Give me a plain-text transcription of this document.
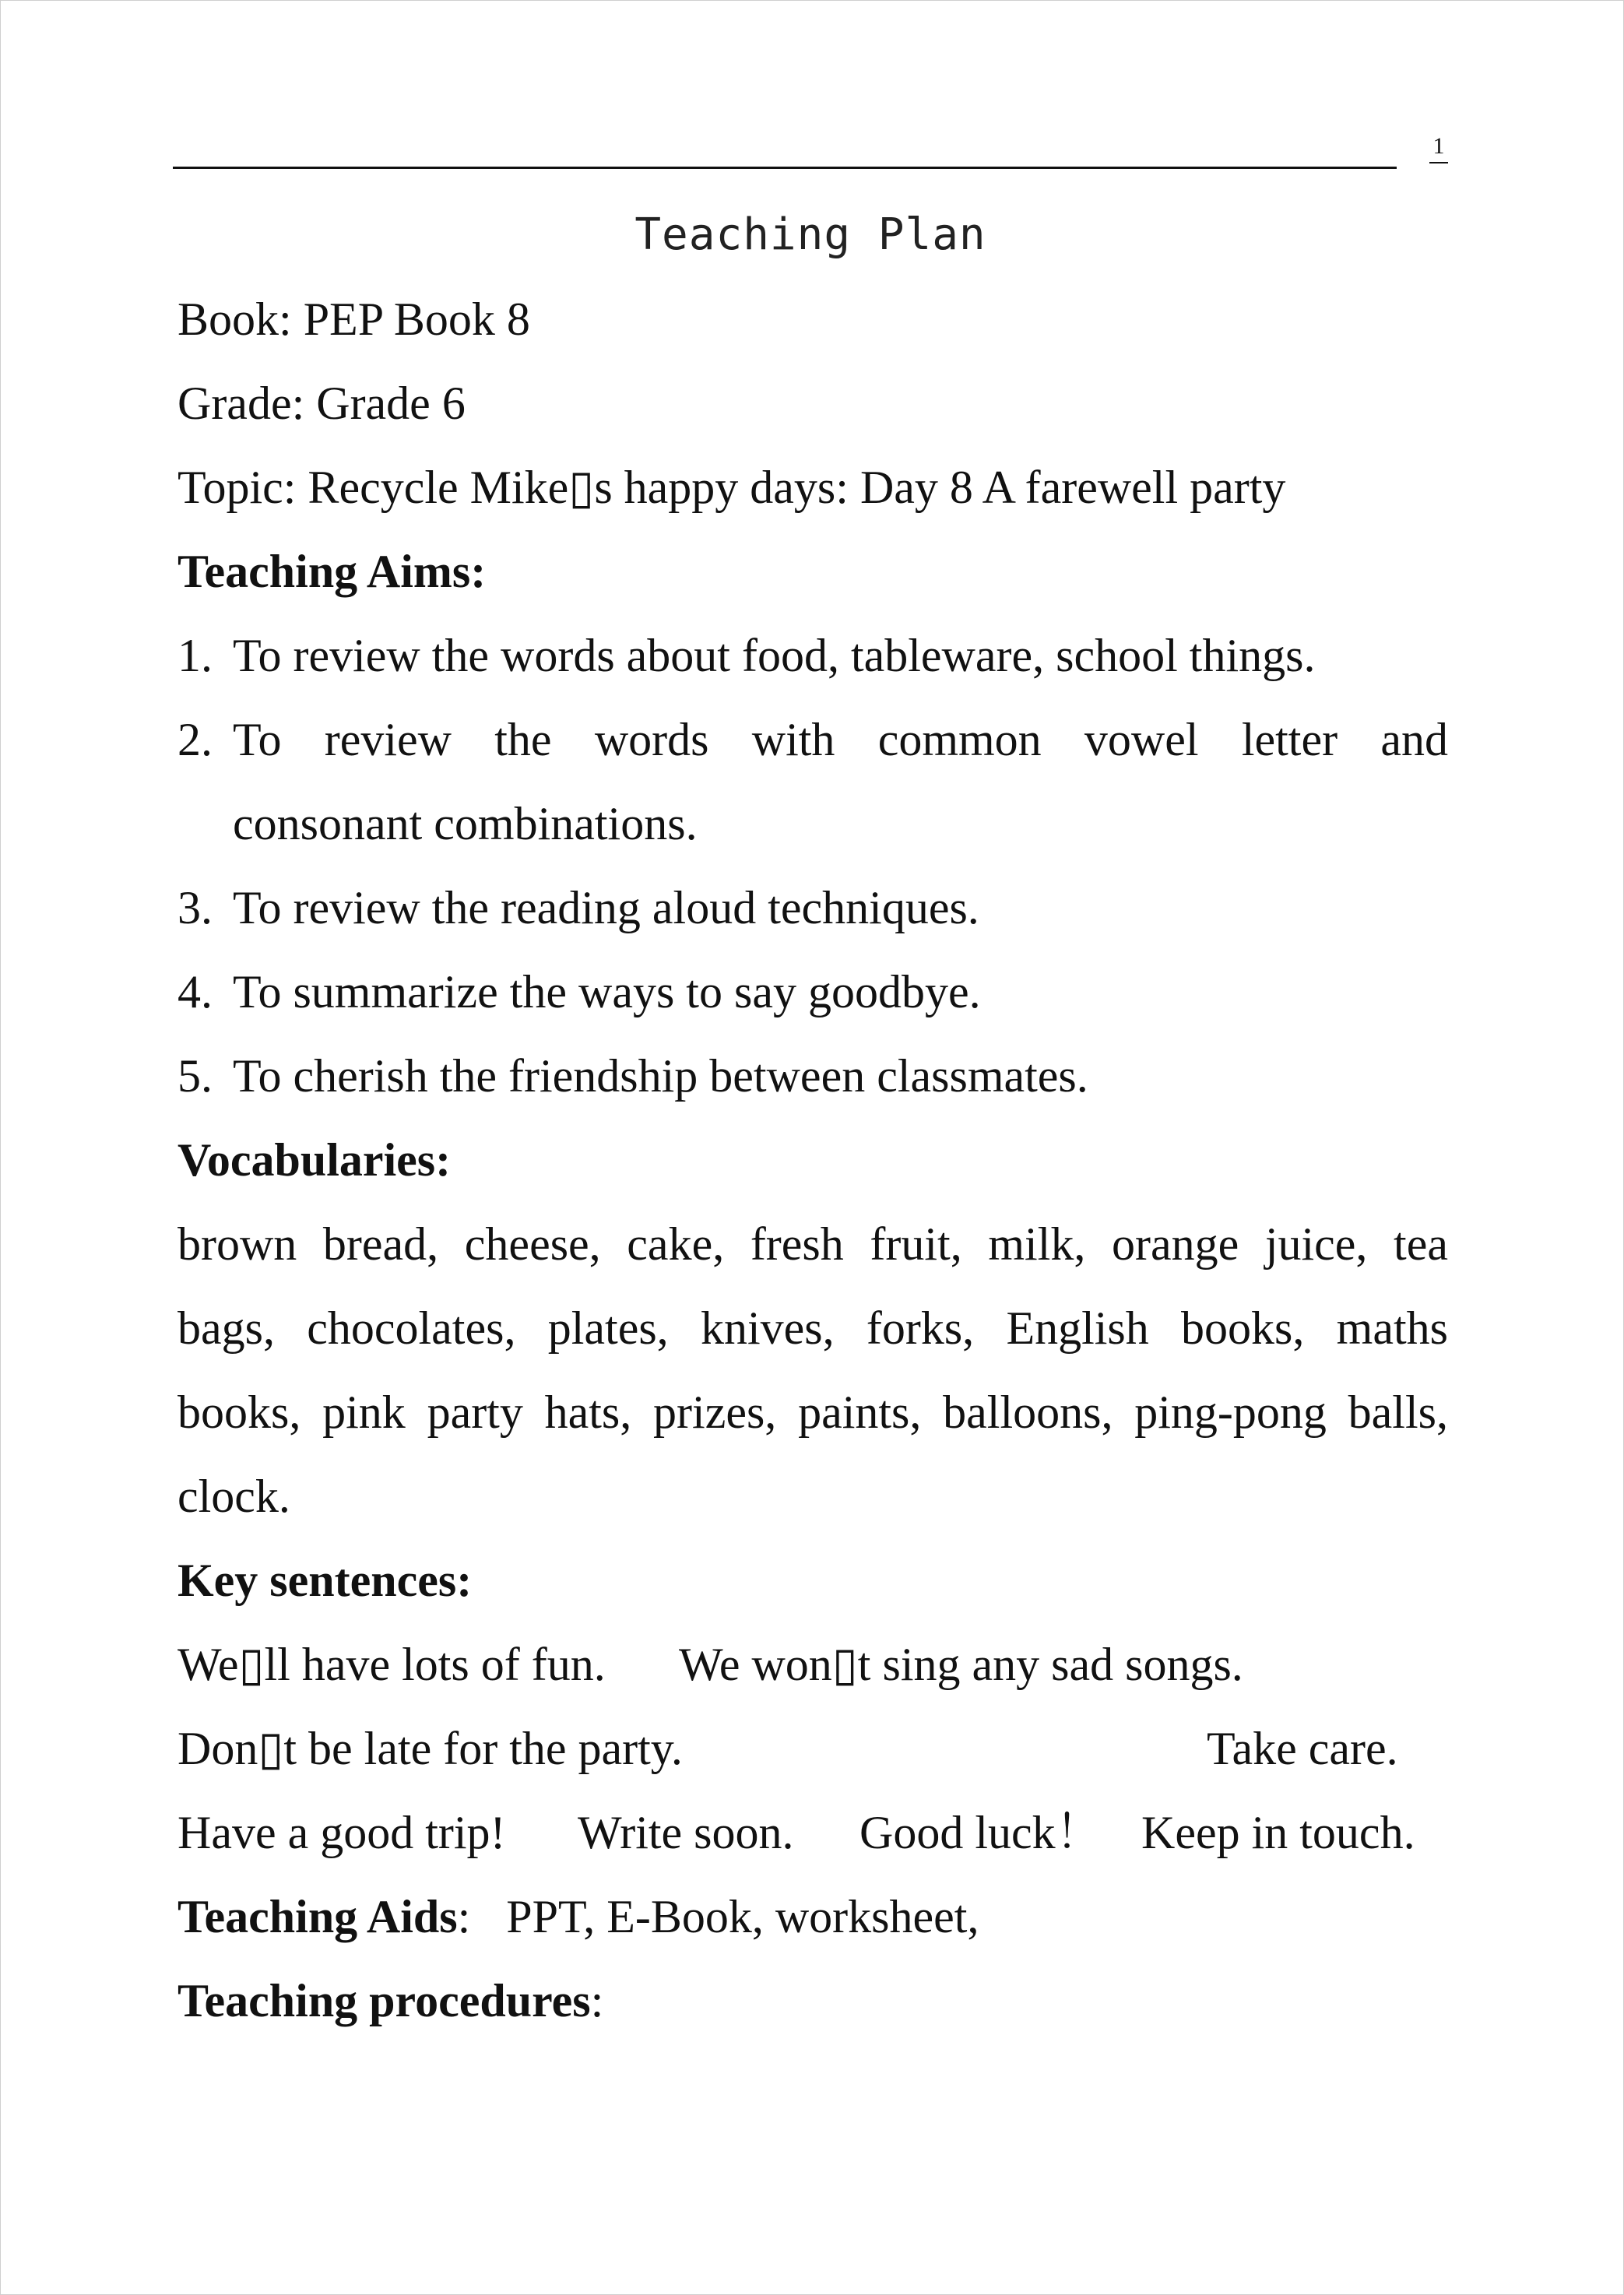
1
Teaching Plan
Book: PEP Book 8
Grade: Grade 6
Topic: Recycle Mike▯s happy days: Day 8 A farewell party
Teaching Aims:
1. To review the words about food, tableware, school things.
2. To review the words with common vowel letter and
consonant combinations.
3. To review the reading aloud techniques.
4. To summarize the ways to say goodbye.
5. To cherish the friendship between classmates.
Vocabularies:
brown bread, cheese, cake, fresh fruit, milk, orange juice, tea
bags, chocolates, plates, knives, forks, English books, maths
books, pink party hats, prizes, paints, balloons, ping-pong balls,
clock.
Key sentences:
We▯ll have lots of fun. We won▯t sing any sad songs.
Don▯t be late for the party.	Take care.
Have a good trip! Write soon. Good luck！ Keep in touch.
Teaching Aids: PPT, E-Book, worksheet,
Teaching procedures:
